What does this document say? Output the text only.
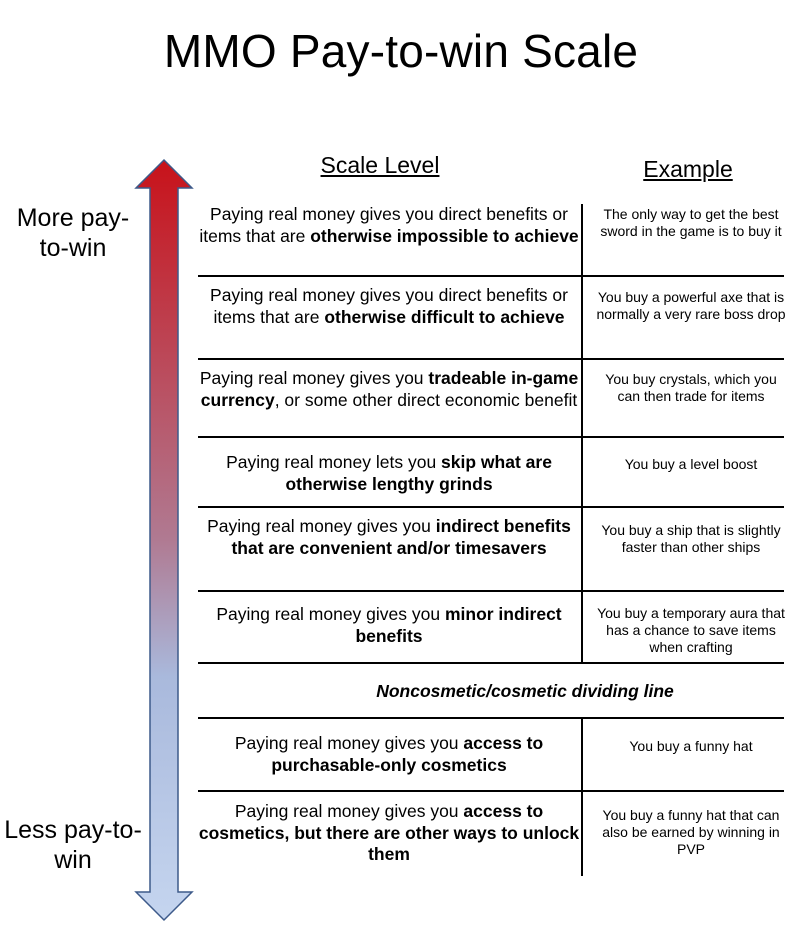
MMO Pay-to-win Scale
Scale Level	Example
More pay-to-win
Less pay-to-win
Paying real money gives you direct benefits or items that are otherwise impossible to achieve
The only way to get the best sword in the game is to buy it
Paying real money gives you direct benefits or items that are otherwise difficult to achieve
You buy a powerful axe that is normally a very rare boss drop
Paying real money gives you tradeable in-game currency, or some other direct economic benefit
You buy crystals, which you can then trade for items
Paying real money lets you skip what are otherwise lengthy grinds
You buy a level boost
Paying real money gives you indirect benefits that are convenient and/or timesavers
You buy a ship that is slightly faster than other ships
Paying real money gives you minor indirect benefits
You buy a temporary aura that has a chance to save items when crafting
Noncosmetic/cosmetic dividing line
Paying real money gives you access to purchasable-only cosmetics
You buy a funny hat
Paying real money gives you access to cosmetics, but there are other ways to unlock them
You buy a funny hat that can also be earned by winning in PVP
